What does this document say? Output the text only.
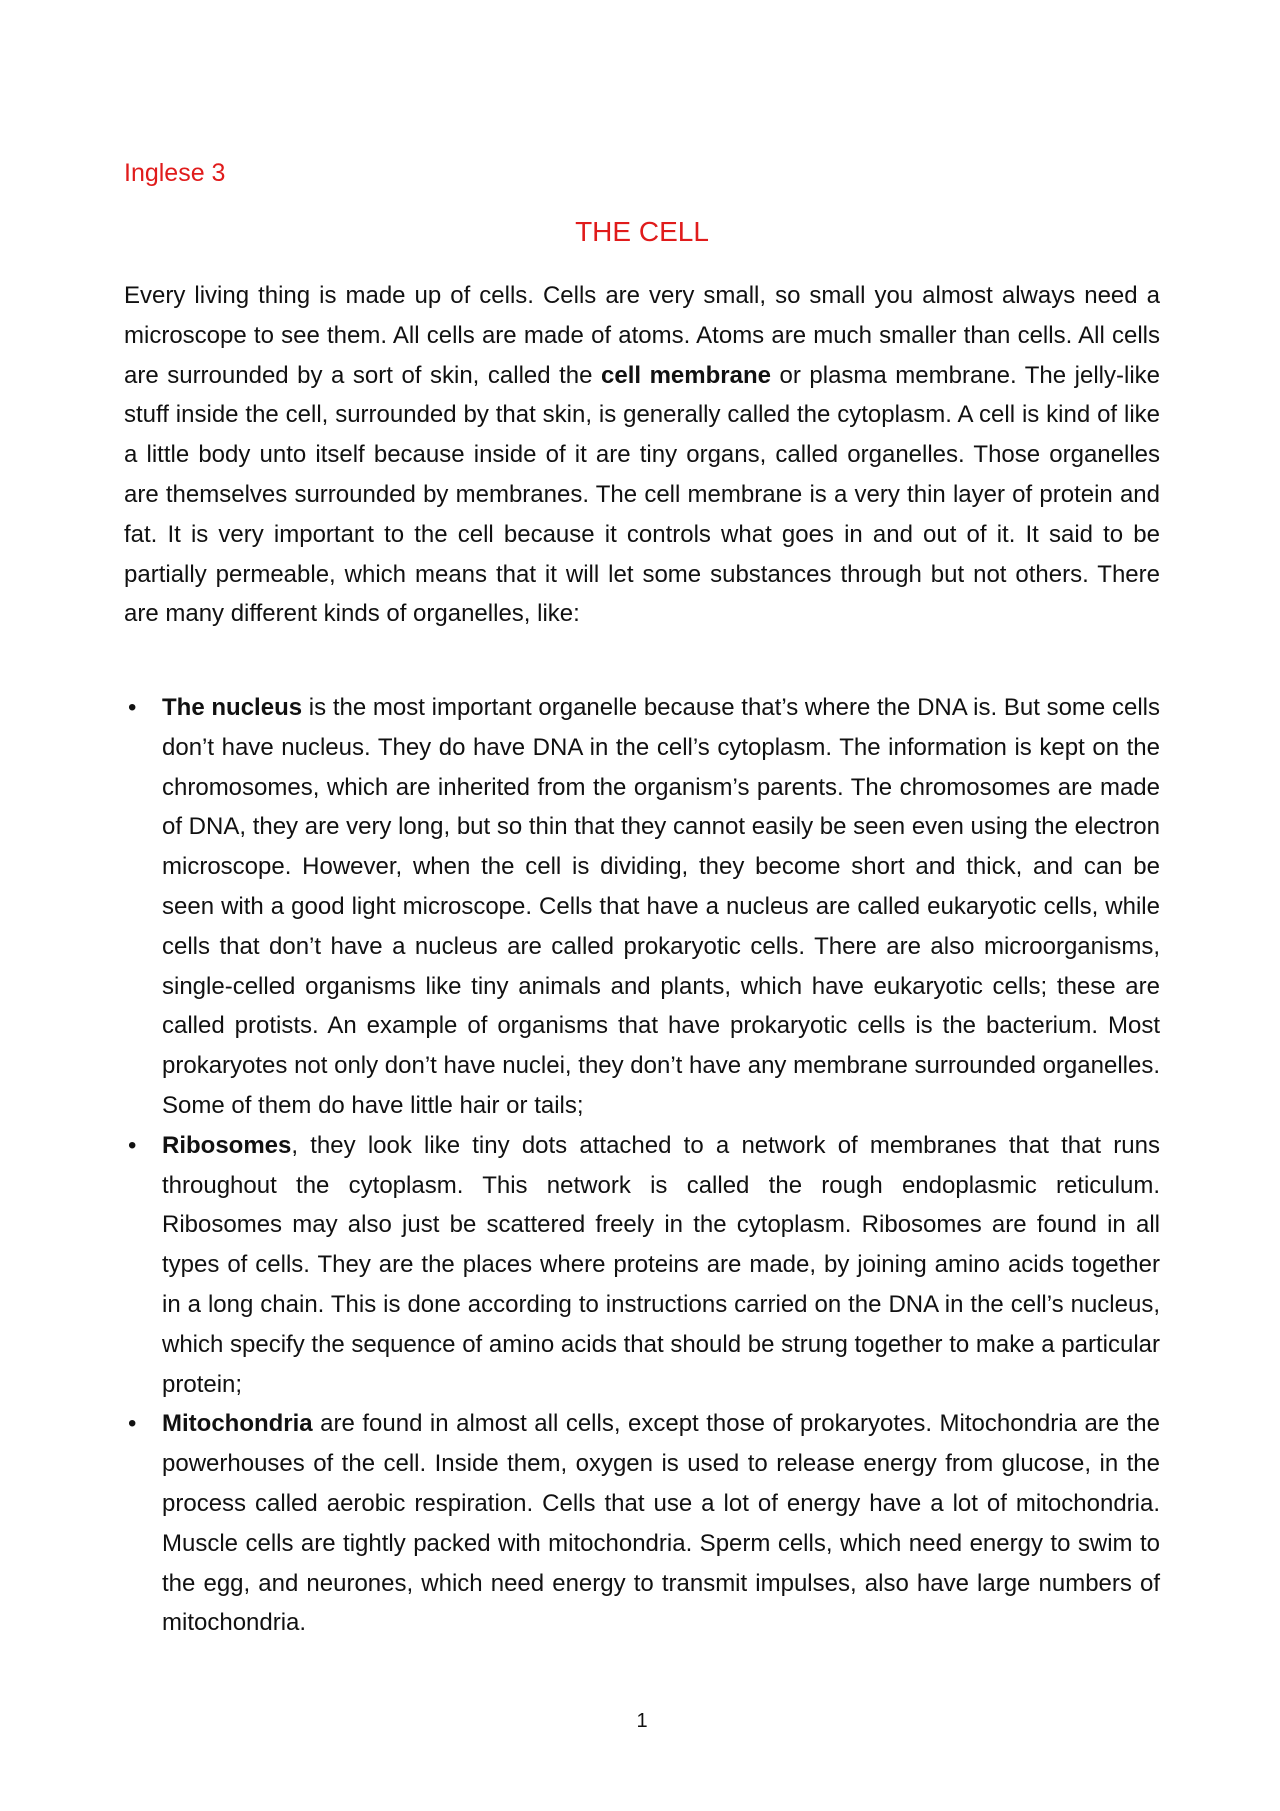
Inglese 3
THE CELL

Every living thing is made up of cells. Cells are very small, so small you almost always need a microscope to see them. All cells are made of atoms. Atoms are much smaller than cells. All cells are surrounded by a sort of skin, called the cell membrane or plasma membrane. The jelly-like stuff inside the cell, surrounded by that skin, is generally called the cytoplasm. A cell is kind of like a little body unto itself because inside of it are tiny organs, called organelles. Those organelles are themselves surrounded by membranes. The cell membrane is a very thin layer of protein and fat. It is very important to the cell because it controls what goes in and out of it. It said to be partially permeable, which means that it will let some substances through but not others. There are many different kinds of organelles, like:

• The nucleus is the most important organelle because that’s where the DNA is. But some cells don’t have nucleus. They do have DNA in the cell’s cytoplasm. The information is kept on the chromosomes, which are inherited from the organism’s parents. The chromosomes are made of DNA, they are very long, but so thin that they cannot easily be seen even using the electron microscope. However, when the cell is dividing, they become short and thick, and can be seen with a good light microscope. Cells that have a nucleus are called eukaryotic cells, while cells that don’t have a nucleus are called prokaryotic cells. There are also microorganisms, single-celled organisms like tiny animals and plants, which have eukaryotic cells; these are called protists. An example of organisms that have prokaryotic cells is the bacterium. Most prokaryotes not only don’t have nuclei, they don’t have any membrane surrounded organelles. Some of them do have little hair or tails;
• Ribosomes, they look like tiny dots attached to a network of membranes that that runs throughout the cytoplasm. This network is called the rough endoplasmic reticulum. Ribosomes may also just be scattered freely in the cytoplasm. Ribosomes are found in all types of cells. They are the places where proteins are made, by joining amino acids together in a long chain. This is done according to instructions carried on the DNA in the cell’s nucleus, which specify the sequence of amino acids that should be strung together to make a particular protein;
• Mitochondria are found in almost all cells, except those of prokaryotes. Mitochondria are the powerhouses of the cell. Inside them, oxygen is used to release energy from glucose, in the process called aerobic respiration. Cells that use a lot of energy have a lot of mitochondria. Muscle cells are tightly packed with mitochondria. Sperm cells, which need energy to swim to the egg, and neurones, which need energy to transmit impulses, also have large numbers of mitochondria.
1
